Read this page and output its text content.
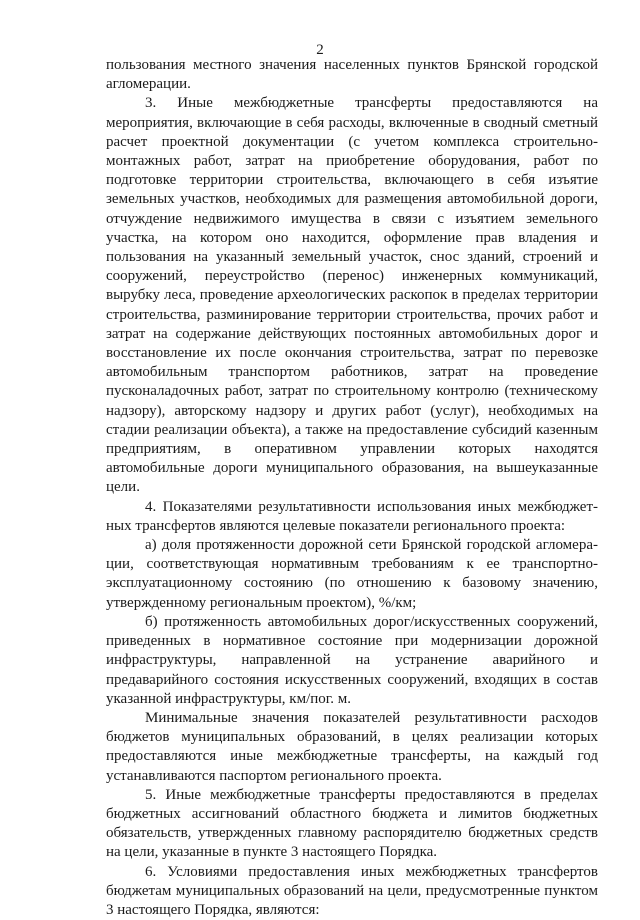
2

пользования местного значения населенных пунктов Брянской городской агломерации.

3. Иные межбюджетные трансферты предоставляются на мероприятия, включающие в себя расходы, включенные в сводный сметный расчет проектной документации (с учетом комплекса строительно-монтажных работ, затрат на приобретение оборудования, работ по подготовке территории строительства, включающего в себя изъятие земельных участков, необходимых для размещения автомобильной дороги, отчуждение недвижимого имущества в связи с изъятием земельного участка, на котором оно находится, оформление прав владения и пользования на указанный земельный участок, снос зданий, строений и сооружений, переустройство (перенос) инженерных коммуникаций, вырубку леса, проведение археологических раскопок в пределах территории строительства, разминирование территории строительства, прочих работ и затрат на содержание действующих постоянных автомобильных дорог и восстановление их после окончания строительства, затрат по перевозке автомобильным транспортом работников, затрат на проведение пусконаладочных работ, затрат по строительному контролю (техническому надзору), авторскому надзору и других работ (услуг), необходимых на стадии реализации объекта), а также на предоставление субсидий казенным предприятиям, в оперативном управлении которых находятся автомобильные дороги муниципального образования, на вышеуказанные цели.

4. Показателями результативности использования иных межбюджетных трансфертов являются целевые показатели регионального проекта:

а) доля протяженности дорожной сети Брянской городской агломерации, соответствующая нормативным требованиям к ее транспортно-эксплуатационному состоянию (по отношению к базовому значению, утвержденному региональным проектом), %/км;

б) протяженность автомобильных дорог/искусственных сооружений, приведенных в нормативное состояние при модернизации дорожной инфраструктуры, направленной на устранение аварийного и предаварийного состояния искусственных сооружений, входящих в состав указанной инфраструктуры, км/пог. м.

Минимальные значения показателей результативности расходов бюджетов муниципальных образований, в целях реализации которых предоставляются иные межбюджетные трансферты, на каждый год устанавливаются паспортом регионального проекта.

5. Иные межбюджетные трансферты предоставляются в пределах бюджетных ассигнований областного бюджета и лимитов бюджетных обязательств, утвержденных главному распорядителю бюджетных средств на цели, указанные в пункте 3 настоящего Порядка.

6. Условиями предоставления иных межбюджетных трансфертов бюджетам муниципальных образований на цели, предусмотренные пунктом 3 настоящего Порядка, являются:
